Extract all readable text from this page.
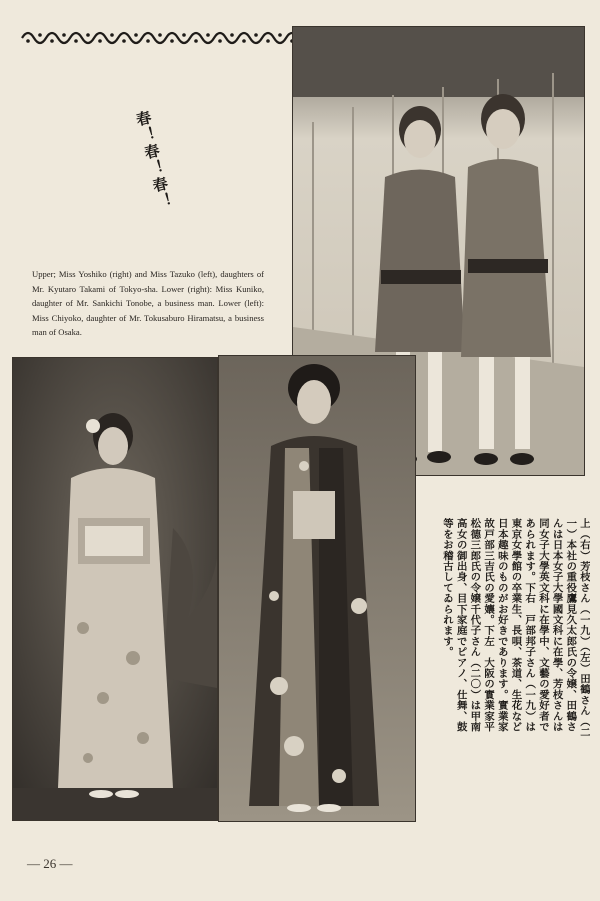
春！春！春！
Upper; Miss Yoshiko (right) and Miss Tazuko (left), daughters of Mr. Kyutaro Takami of Tokyo-sha. Lower (right): Miss Kuniko, daughter of Mr. Sankichi Tonobe, a business man. Lower (left): Miss Chiyoko, daughter of Mr. Tokusaburo Hiramatsu, a business man of Osaka.
上（右）芳枝さん（一九）（左）田鶴さん（二一）本社の重役鷹見久太郎氏の令嬢、田鶴さんは日本女子大學國文科に在學、芳枝さんは同女子大學英文科に在學中、文藝の愛好者であられます。下右　戸部邦子さん（一九）は東京女學館の卒業生、長唄、茶道、生花など日本趣味のものがお好きであります。實業家故戸部三吉氏の愛孃。下左　大阪の實業家平松德三郎氏の令嬢千代子さん（二〇）は甲南高女の御出身、目下家庭でピアノ、仕舞、鼓等をお稽古してゐられます。
— 26 —
